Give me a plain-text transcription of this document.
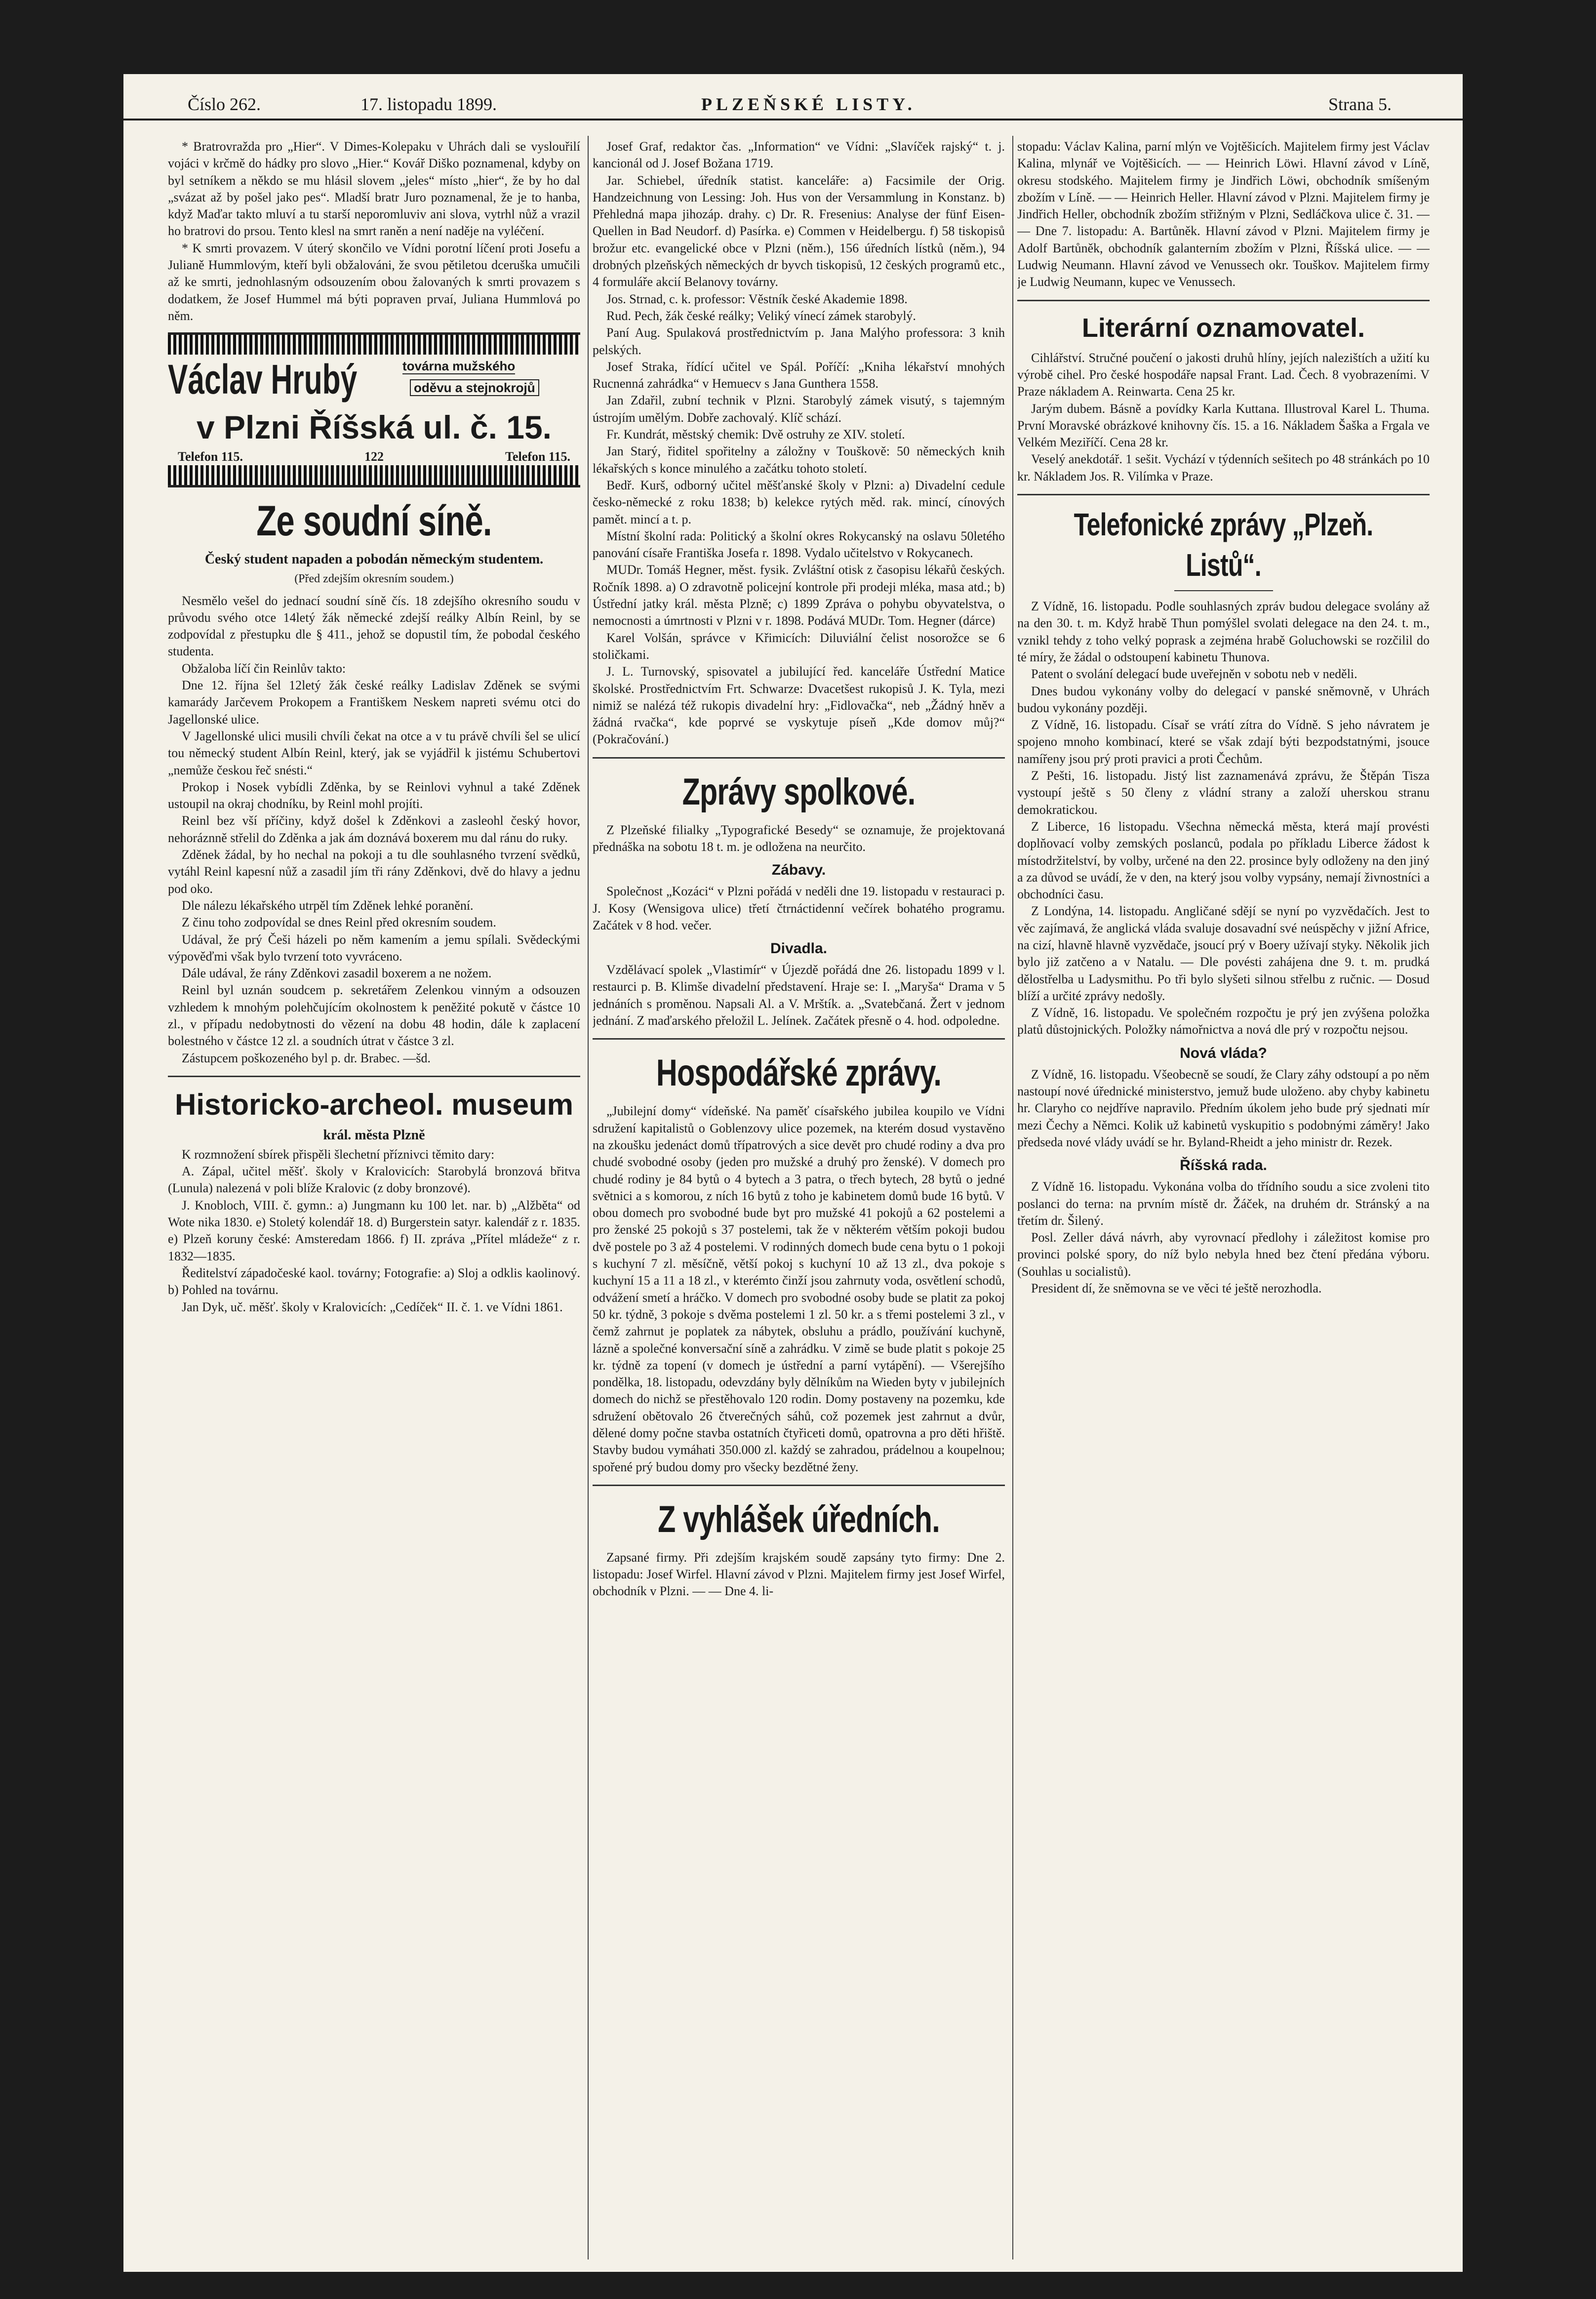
Číslo 262.	17. listopadu 1899.	PLZEŇSKÉ LISTY.	Strana 5.

* Bratrovražda pro „Hier“. V Dimes-Kolepaku v Uhrách dali se vyslouřilí vojáci v krčmě do hádky pro slovo „Hier.“ Kovář Diško poznamenal, kdyby on byl setníkem a někdo se mu hlásil slovem „jeles“ místo „hier“, že by ho dal „svázat až by pošel jako pes“. Mladší bratr Juro poznamenal, že je to hanba, když Maďar takto mluví a tu starší neporomluviv ani slova, vytrhl nůž a vrazil ho bratrovi do prsou. Tento klesl na smrt raněn a není naděje na vyléčení.

* K smrti provazem. V úterý skončilo ve Vídni porotní líčení proti Josefu a Julianě Hummlovým, kteří byli obžalováni, že svou pětiletou dceruška umučili až ke smrti, jednohlasným odsouzením obou žalovaných k smrti provazem s dodatkem, že Josef Hummel má býti popraven prvaí, Juliana Hummlová po něm.

Václav Hrubý	továrna mužského
oděvu a stejnokrojů
v Plzni Říšská ul. č. 15.
Telefon 115.	122	Telefon 115.
Ze soudní síně.
Český student napaden a pobodán německým studentem.
(Před zdejším okresním soudem.)

Nesmělo vešel do jednací soudní síně čís. 18 zdejšího okresního soudu v průvodu svého otce 14letý žák německé zdejší reálky Albín Reinl, by se zodpovídal z přestupku dle § 411., jehož se dopustil tím, že pobodal českého studenta.

Obžaloba líčí čin Reinlův takto:

Dne 12. října šel 12letý žák české reálky Ladislav Zděnek se svými kamarády Jarčevem Prokopem a Františkem Neskem napreti svému otci do Jagellonské ulice.

V Jagellonské ulici musili chvíli čekat na otce a v tu právě chvíli šel se ulicí tou německý student Albín Reinl, který, jak se vyjádřil k jistému Schubertovi „nemůže českou řeč snésti.“

Prokop i Nosek vybídli Zděnka, by se Reinlovi vyhnul a také Zděnek ustoupil na okraj chodníku, by Reinl mohl projíti.

Reinl bez vší příčiny, když došel k Zděnkovi a zasleohl český hovor, nehoráznně střelil do Zděnka a jak ám doznává boxerem mu dal ránu do ruky.

Zděnek žádal, by ho nechal na pokoji a tu dle souhlasného tvrzení svědků, vytáhl Reinl kapesní nůž a zasadil jím tři rány Zděnkovi, dvě do hlavy a jednu pod oko.

Dle nálezu lékařského utrpěl tím Zděnek lehké poranění.

Z činu toho zodpovídal se dnes Reinl před okresním soudem.

Udával, že prý Češi házeli po něm kamením a jemu spílali. Svědeckými výpověďmi však bylo tvrzení toto vyvráceno.

Dále udával, že rány Zděnkovi zasadil boxerem a ne nožem.

Reinl byl uznán soudcem p. sekretářem Zelenkou vinným a odsouzen vzhledem k mnohým polehčujícím okolnostem k peněžité pokutě v částce 10 zl., v případu nedobytnosti do vězení na dobu 48 hodin, dále k zaplacení bolestného v částce 12 zl. a soudních útrat v částce 3 zl.

Zástupcem poškozeného byl p. dr. Brabec. —šd.

Historicko-archeol. museum
král. města Plzně

K rozmnožení sbírek přispěli šlechetní příznivci těmito dary:

A. Zápal, učitel měšť. školy v Kralovicích: Starobylá bronzová břitva (Lunula) nalezená v poli blíže Kralovic (z doby bronzové).

J. Knobloch, VIII. č. gymn.: a) Jungmann ku 100 let. nar. b) „Alžběta“ od Wote nika 1830. e) Stoletý kolendář 18. d) Burgerstein satyr. kalendář z r. 1835. e) Plzeň koruny české: Amsteredam 1866. f) II. zpráva „Přítel mládeže“ z r. 1832—1835.

Ředitelství západočeské kaol. továrny; Fotografie: a) Sloj a odklis kaolinový. b) Pohled na továrnu.

Jan Dyk, uč. měšť. školy v Kralovicích: „Cedíček“ II. č. 1. ve Vídni 1861.

Josef Graf, redaktor čas. „Information“ ve Vídni: „Slavíček rajský“ t. j. kancionál od J. Josef Božana 1719.

Jar. Schiebel, úředník statist. kanceláře: a) Facsimile der Orig. Handzeichnung von Lessing: Joh. Hus von der Versammlung in Konstanz. b) Přehledná mapa jihozáp. drahy. c) Dr. R. Fresenius: Analyse der fünf Eisen-Quellen in Bad Neudorf. d) Pasírka. e) Commen v Heidelbergu. f) 58 tiskopisů brožur etc. evangelické obce v Plzni (něm.), 156 úředních lístků (něm.), 94 drobných plzeňských německých dr byvch tiskopisů, 12 českých programů etc., 4 formuláře akcií Belanovy továrny.

Jos. Strnad, c. k. professor: Věstník české Akademie 1898.

Rud. Pech, žák české reálky; Veliký vínecí zámek starobylý.

Paní Aug. Spulaková prostřednictvím p. Jana Malýho professora: 3 knih pelských.

Josef Straka, řídící učitel ve Spál. Poříčí: „Kniha lékařství mnohých Rucnenná zahrádka“ v Hemuecv s Jana Gunthera 1558.

Jan Zdařil, zubní technik v Plzni. Starobylý zámek visutý, s tajemným ústrojím umělým. Dobře zachovalý. Klíč schází.

Fr. Kundrát, městský chemik: Dvě ostruhy ze XIV. století.

Jan Starý, řiditel spořitelny a záložny v Touškově: 50 německých knih lékařských s konce minulého a začátku tohoto století.

Bedř. Kurš, odborný učitel měšťanské školy v Plzni: a) Divadelní cedule česko-německé z roku 1838; b) kelekce rytých měd. rak. mincí, cínových pamět. mincí a t. p.

Místní školní rada: Politický a školní okres Rokycanský na oslavu 50letého panování císaře Františka Josefa r. 1898. Vydalo učitelstvo v Rokycanech.

MUDr. Tomáš Hegner, měst. fysik. Zvláštní otisk z časopisu lékařů českých. Ročník 1898. a) O zdravotně policejní kontrole při prodeji mléka, masa atd.; b) Ústřední jatky král. města Plzně; c) 1899 Zpráva o pohybu obyvatelstva, o nemocnosti a úmrtnosti v Plzni v r. 1898. Podává MUDr. Tom. Hegner (dárce)

Karel Volšán, správce v Křimicích: Diluviální čelist nosorožce se 6 stoličkami.

J. L. Turnovský, spisovatel a jubilující řed. kanceláře Ústřední Matice školské. Prostřednictvím Frt. Schwarze: Dvacetšest rukopisů J. K. Tyla, mezi nimiž se nalézá též rukopis divadelní hry: „Fidlovačka“, neb „Žádný hněv a žádná rvačka“, kde poprvé se vyskytuje píseň „Kde domov můj?“ (Pokračování.)

Zprávy spolkové.

Z Plzeňské filialky „Typografické Besedy“ se oznamuje, že projektovaná přednáška na sobotu 18 t. m. je odložena na neurčito.

Zábavy.

Společnost „Kozáci“ v Plzni pořádá v neděli dne 19. listopadu v restauraci p. J. Kosy (Wensigova ulice) třetí čtrnáctidenní večírek bohatého programu. Začátek v 8 hod. večer.

Divadla.

Vzdělávací spolek „Vlastimír“ v Újezdě pořádá dne 26. listopadu 1899 v l. restaurci p. B. Klimše divadelní představení. Hraje se: I. „Maryša“ Drama v 5 jednáních s proměnou. Napsali Al. a V. Mrštík. a. „Svatebčaná. Žert v jednom jednání. Z maďarského přeložil L. Jelínek. Začátek přesně o 4. hod. odpoledne.

Hospodářské zprávy.

„Jubilejní domy“ vídeňské. Na paměť císařského jubilea koupilo ve Vídni sdružení kapitalistů o Goblenzovy ulice pozemek, na kterém dosud vystavěno na zkoušku jedenáct domů třípatrových a sice devět pro chudé rodiny a dva pro chudé svobodné osoby (jeden pro mužské a druhý pro ženské). V domech pro chudé rodiny je 84 bytů o 4 bytech a 3 patra, o třech bytech, 28 bytů o jedné světnici a s komorou, z ních 16 bytů z toho je kabinetem domů bude 16 bytů. V obou domech pro svobodné bude byt pro mužské 41 pokojů a 62 postelemi a pro ženské 25 pokojů s 37 postelemi, tak že v některém větším pokoji budou dvě postele po 3 až 4 postelemi. V rodinných domech bude cena bytu o 1 pokoji s kuchyní 7 zl. měsíčně, větší pokoj s kuchyní 10 až 13 zl., dva pokoje s kuchyní 15 a 11 a 18 zl., v kterémto činží jsou zahrnuty voda, osvětlení schodů, odvážení smetí a hráčko. V domech pro svobodné osoby bude se platit za pokoj 50 kr. týdně, 3 pokoje s dvěma postelemi 1 zl. 50 kr. a s třemi postelemi 3 zl., v čemž zahrnut je poplatek za nábytek, obsluhu a prádlo, používání kuchyně, lázně a společné konversační síně a zahrádku. V zimě se bude platit s pokoje 25 kr. týdně za topení (v domech je ústřední a parní vytápění). — Všerejšího pondělka, 18. listopadu, odevzdány byly dělníkům na Wieden byty v jubilejních domech do nichž se přestěhovalo 120 rodin. Domy postaveny na pozemku, kde sdružení obětovalo 26 čtverečných sáhů, což pozemek jest zahrnut a dvůr, dělené domy počne stavba ostatních čtyřiceti domů, opatrovna a pro děti hřiště. Stavby budou vymáhati 350.000 zl. každý se zahradou, prádelnou a koupelnou; spořené prý budou domy pro všecky bezdětné ženy.

Z vyhlášek úředních.

Zapsané firmy. Při zdejším krajském soudě zapsány tyto firmy: Dne 2. listopadu: Josef Wirfel. Hlavní závod v Plzni. Majitelem firmy jest Josef Wirfel, obchodník v Plzni. — — Dne 4. li-

stopadu: Václav Kalina, parní mlýn ve Vojtěšicích. Majitelem firmy jest Václav Kalina, mlynář ve Vojtěšicích. — — Heinrich Löwi. Hlavní závod v Líně, okresu stodského. Majitelem firmy je Jindřich Löwi, obchodník smíšeným zbožím v Líně. — — Heinrich Heller. Hlavní závod v Plzni. Majitelem firmy je Jindřich Heller, obchodník zbožím střižným v Plzni, Sedláčkova ulice č. 31. — — Dne 7. listopadu: A. Bartůněk. Hlavní závod v Plzni. Majitelem firmy je Adolf Bartůněk, obchodník galanterním zbožím v Plzni, Říšská ulice. — — Ludwig Neumann. Hlavní závod ve Venussech okr. Touškov. Majitelem firmy je Ludwig Neumann, kupec ve Venussech.

Literární oznamovatel.

Cihlářství. Stručné poučení o jakosti druhů hlíny, jejích nalezištích a užití ku výrobě cihel. Pro české hospodáře napsal Frant. Lad. Čech. 8 vyobrazeními. V Praze nákladem A. Reinwarta. Cena 25 kr.

Jarým dubem. Básně a povídky Karla Kuttana. Illustroval Karel L. Thuma. První Moravské obrázkové knihovny čís. 15. a 16. Nákladem Šaška a Frgala ve Velkém Meziříčí. Cena 28 kr.

Veselý anekdotář. 1 sešit. Vychází v týdenních sešitech po 48 stránkách po 10 kr. Nákladem Jos. R. Vilímka v Praze.

Telefonické zprávy „Plzeň. Listů“.

Z Vídně, 16. listopadu. Podle souhlasných zpráv budou delegace svolány až na den 30. t. m. Když hrabě Thun pomýšlel svolati delegace na den 24. t. m., vznikl tehdy z toho velký poprask a zejména hrabě Goluchowski se rozčilil do té míry, že žádal o odstoupení kabinetu Thunova.

Patent o svolání delegací bude uveřejněn v sobotu neb v neděli.

Dnes budou vykonány volby do delegací v panské sněmovně, v Uhrách budou vykonány později.

Z Vídně, 16. listopadu. Císař se vrátí zítra do Vídně. S jeho návratem je spojeno mnoho kombinací, které se však zdají býti bezpodstatnými, jsouce namířeny jsou prý proti pravici a proti Čechům.

Z Pešti, 16. listopadu. Jistý list zaznamenává zprávu, že Štěpán Tisza vystoupí ještě s 50 členy z vládní strany a založí uherskou stranu demokratickou.

Z Liberce, 16 listopadu. Všechna německá města, která mají provésti doplňovací volby zemských poslanců, podala po příkladu Liberce žádost k místodržitelství, by volby, určené na den 22. prosince byly odloženy na den jiný a za důvod se uvádí, že v den, na který jsou volby vypsány, nemají živnostníci a obchodníci času.

Z Londýna, 14. listopadu. Angličané sdějí se nyní po vyzvědačích. Jest to věc zajímavá, že anglická vláda svaluje dosavadní své neúspěchy v jižní Africe, na cizí, hlavně hlavně vyzvědače, jsoucí prý v Boery užívají styky. Několik jich bylo již zatčeno a v Natalu. — Dle povésti zahájena dne 9. t. m. prudká dělostřelba u Ladysmithu. Po tři bylo slyšeti silnou střelbu z ručnic. — Dosud blíží a určité zprávy nedošly.

Z Vídně, 16. listopadu. Ve společném rozpočtu je prý jen zvýšena položka platů důstojnických. Položky námořnictva a nová dle prý v rozpočtu nejsou.

Nová vláda?

Z Vídně, 16. listopadu. Všeobecně se soudí, že Clary záhy odstoupí a po něm nastoupí nové úřednické ministerstvo, jemuž bude uloženo. aby chyby kabinetu hr. Claryho co nejdříve napravilo. Předním úkolem jeho bude prý sjednati mír mezi Čechy a Němci. Kolik už kabinetů vyskupitio s podobnými záměry! Jako předseda nové vlády uvádí se hr. Byland-Rheidt a jeho ministr dr. Rezek.

Říšská rada.

Z Vídně 16. listopadu. Vykonána volba do třídního soudu a sice zvoleni tito poslanci do terna: na prvním místě dr. Žáček, na druhém dr. Stránský a na třetím dr. Šilený.

Posl. Zeller dává návrh, aby vyrovnací předlohy i záležitost komise pro provinci polské spory, do níž bylo nebyla hned bez čtení předána výboru. (Souhlas u socialistů).

President dí, že sněmovna se ve věci té ještě nerozhodla.
